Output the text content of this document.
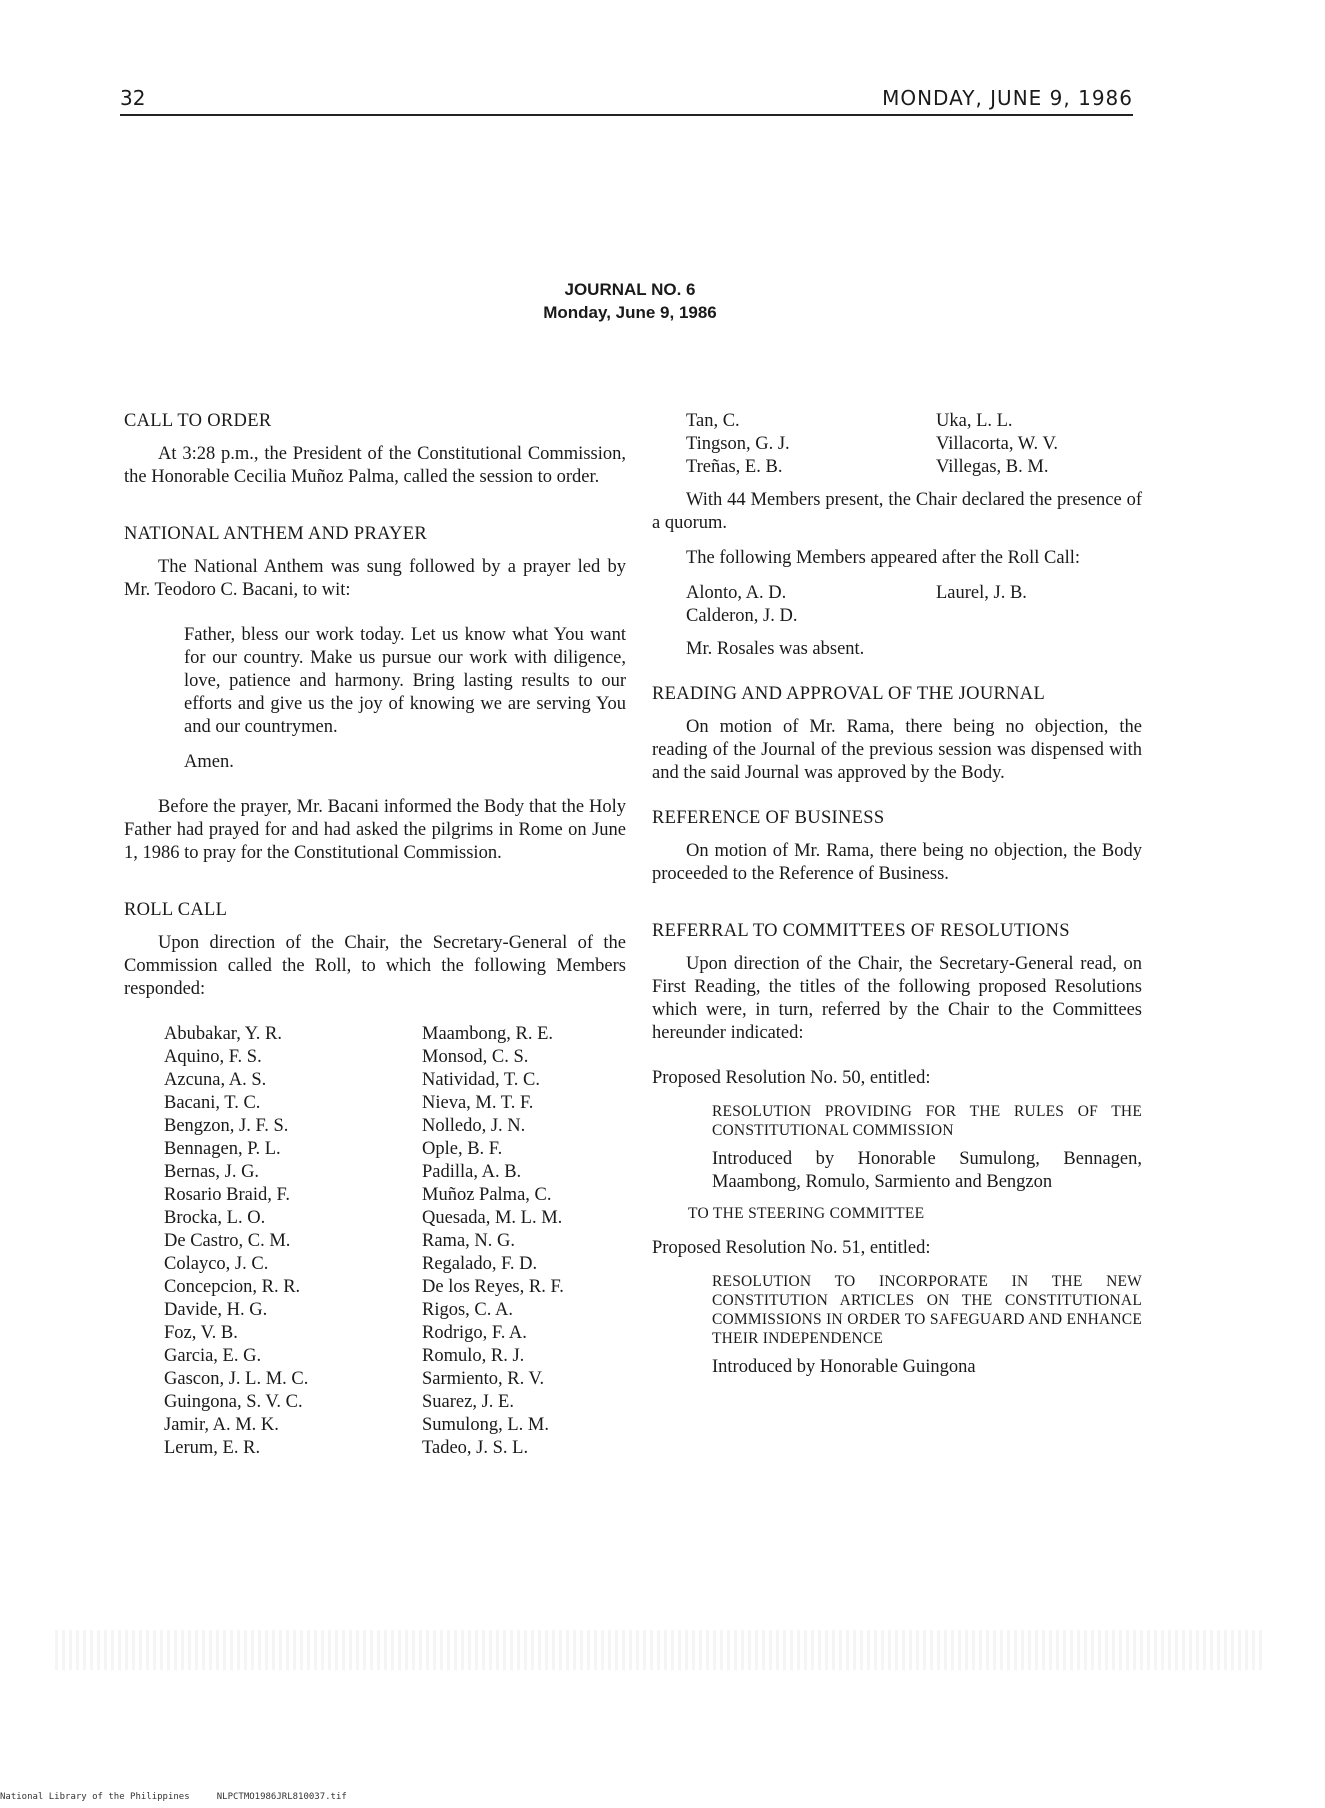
32	MONDAY, JUNE 9, 1986
JOURNAL NO. 6
Monday, June 9, 1986
CALL TO ORDER

At 3:28 p.m., the President of the Constitutional Commission, the Honorable Cecilia Muñoz Palma, called the session to order.

NATIONAL ANTHEM AND PRAYER

The National Anthem was sung followed by a prayer led by Mr. Teodoro C. Bacani, to wit:

Father, bless our work today. Let us know what You want for our country. Make us pursue our work with diligence, love, patience and harmony. Bring lasting results to our efforts and give us the joy of knowing we are serving You and our countrymen.

Amen.

Before the prayer, Mr. Bacani informed the Body that the Holy Father had prayed for and had asked the pilgrims in Rome on June 1, 1986 to pray for the Constitutional Commission.

ROLL CALL

Upon direction of the Chair, the Secretary-General of the Commission called the Roll, to which the following Members responded:

Abubakar, Y. R.
Aquino, F. S.
Azcuna, A. S.
Bacani, T. C.
Bengzon, J. F. S.
Bennagen, P. L.
Bernas, J. G.
Rosario Braid, F.
Brocka, L. O.
De Castro, C. M.
Colayco, J. C.
Concepcion, R. R.
Davide, H. G.
Foz, V. B.
Garcia, E. G.
Gascon, J. L. M. C.
Guingona, S. V. C.
Jamir, A. M. K.
Lerum, E. R.
Maambong, R. E.
Monsod, C. S.
Natividad, T. C.
Nieva, M. T. F.
Nolledo, J. N.
Ople, B. F.
Padilla, A. B.
Muñoz Palma, C.
Quesada, M. L. M.
Rama, N. G.
Regalado, F. D.
De los Reyes, R. F.
Rigos, C. A.
Rodrigo, F. A.
Romulo, R. J.
Sarmiento, R. V.
Suarez, J. E.
Sumulong, L. M.
Tadeo, J. S. L.
Tan, C.
Tingson, G. J.
Treñas, E. B.
Uka, L. L.
Villacorta, W. V.
Villegas, B. M.

With 44 Members present, the Chair declared the presence of a quorum.

The following Members appeared after the Roll Call:

Alonto, A. D.
Calderon, J. D.
Laurel, J. B.

Mr. Rosales was absent.

READING AND APPROVAL OF THE JOURNAL

On motion of Mr. Rama, there being no objection, the reading of the Journal of the previous session was dispensed with and the said Journal was approved by the Body.

REFERENCE OF BUSINESS

On motion of Mr. Rama, there being no objection, the Body proceeded to the Reference of Business.

REFERRAL TO COMMITTEES OF RESOLUTIONS

Upon direction of the Chair, the Secretary-General read, on First Reading, the titles of the following proposed Resolutions which were, in turn, referred by the Chair to the Committees hereunder indicated:

Proposed Resolution No. 50, entitled:

RESOLUTION PROVIDING FOR THE RULES OF THE CONSTITUTIONAL COMMISSION
Introduced by Honorable Sumulong, Bennagen, Maambong, Romulo, Sarmiento and Bengzon
TO THE STEERING COMMITTEE

Proposed Resolution No. 51, entitled:

RESOLUTION TO INCORPORATE IN THE NEW CONSTITUTION ARTICLES ON THE CONSTITUTIONAL COMMISSIONS IN ORDER TO SAFEGUARD AND ENHANCE THEIR INDEPENDENCE
Introduced by Honorable Guingona
National Library of the Philippines	NLPCTMO1986JRL810037.tif
